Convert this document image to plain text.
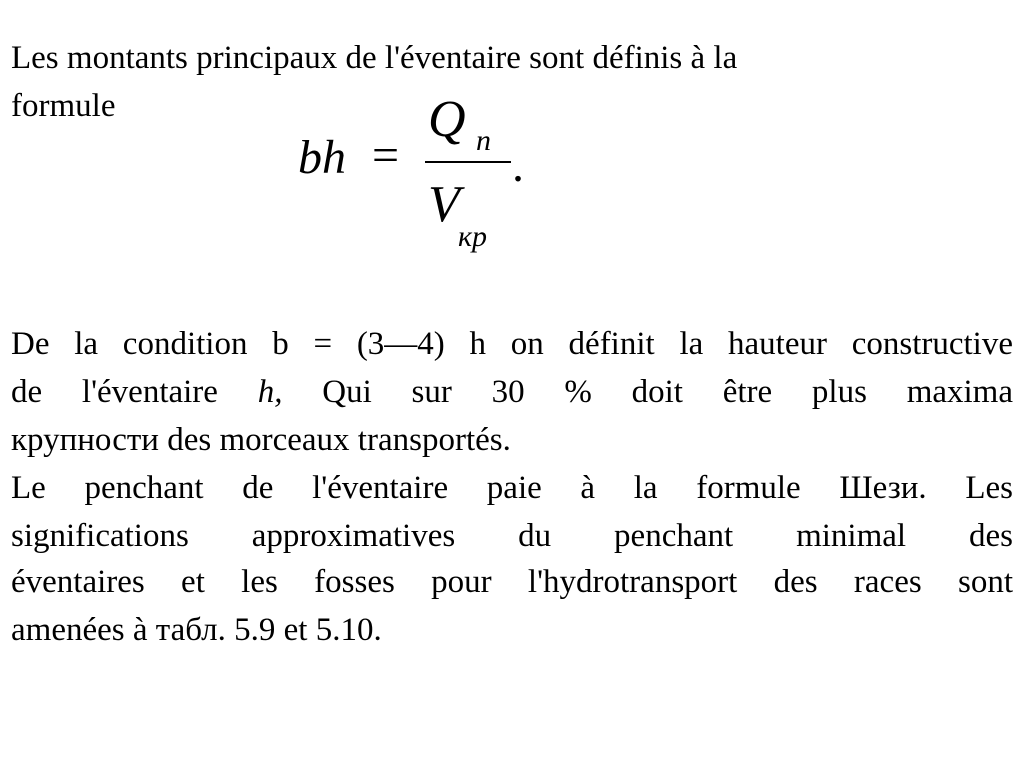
Les montants principaux de l'éventaire sont définis à la
formule
bh =
Q n
V
кр
.
De la condition b = (3—4) h on définit la hauteur constructive
de l'éventaire h, Qui sur 30 % doit être plus maxima
крупности des morceaux transportés.
Le penchant de l'éventaire paie à la formule Шези. Les
significations approximatives du penchant minimal des
éventaires et les fosses pour l'hydrotransport des races sont
amenées à табл. 5.9 et 5.10.
